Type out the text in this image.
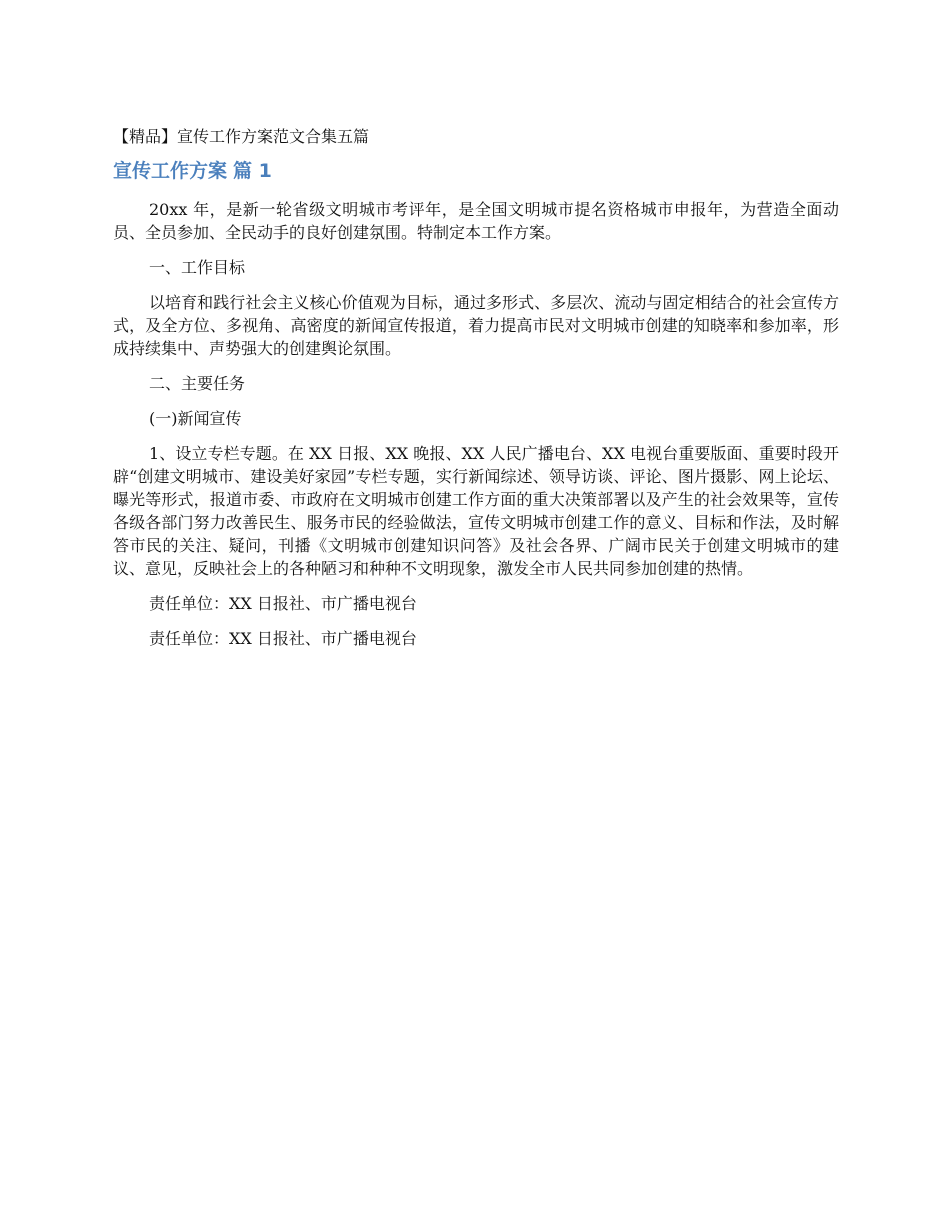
【精品】宣传工作方案范文合集五篇

宣传工作方案 篇 1

20xx 年，是新一轮省级文明城市考评年，是全国文明城市提名资格城市申报年，为营造全面动员、全员参加、全民动手的良好创建氛围。特制定本工作方案。

一、工作目标

以培育和践行社会主义核心价值观为目标，通过多形式、多层次、流动与固定相结合的社会宣传方式，及全方位、多视角、高密度的新闻宣传报道，着力提高市民对文明城市创建的知晓率和参加率，形成持续集中、声势强大的创建舆论氛围。

二、主要任务

(一)新闻宣传

1、设立专栏专题。在 XX 日报、XX 晚报、XX 人民广播电台、XX 电视台重要版面、重要时段开辟“创建文明城市、建设美好家园”专栏专题，实行新闻综述、领导访谈、评论、图片摄影、网上论坛、曝光等形式，报道市委、市政府在文明城市创建工作方面的重大决策部署以及产生的社会效果等，宣传各级各部门努力改善民生、服务市民的经验做法，宣传文明城市创建工作的意义、目标和作法，及时解答市民的关注、疑问，刊播《文明城市创建知识问答》及社会各界、广阔市民关于创建文明城市的建议、意见，反映社会上的各种陋习和种种不文明现象，激发全市人民共同参加创建的热情。

责任单位：XX 日报社、市广播电视台

责任单位：XX 日报社、市广播电视台
